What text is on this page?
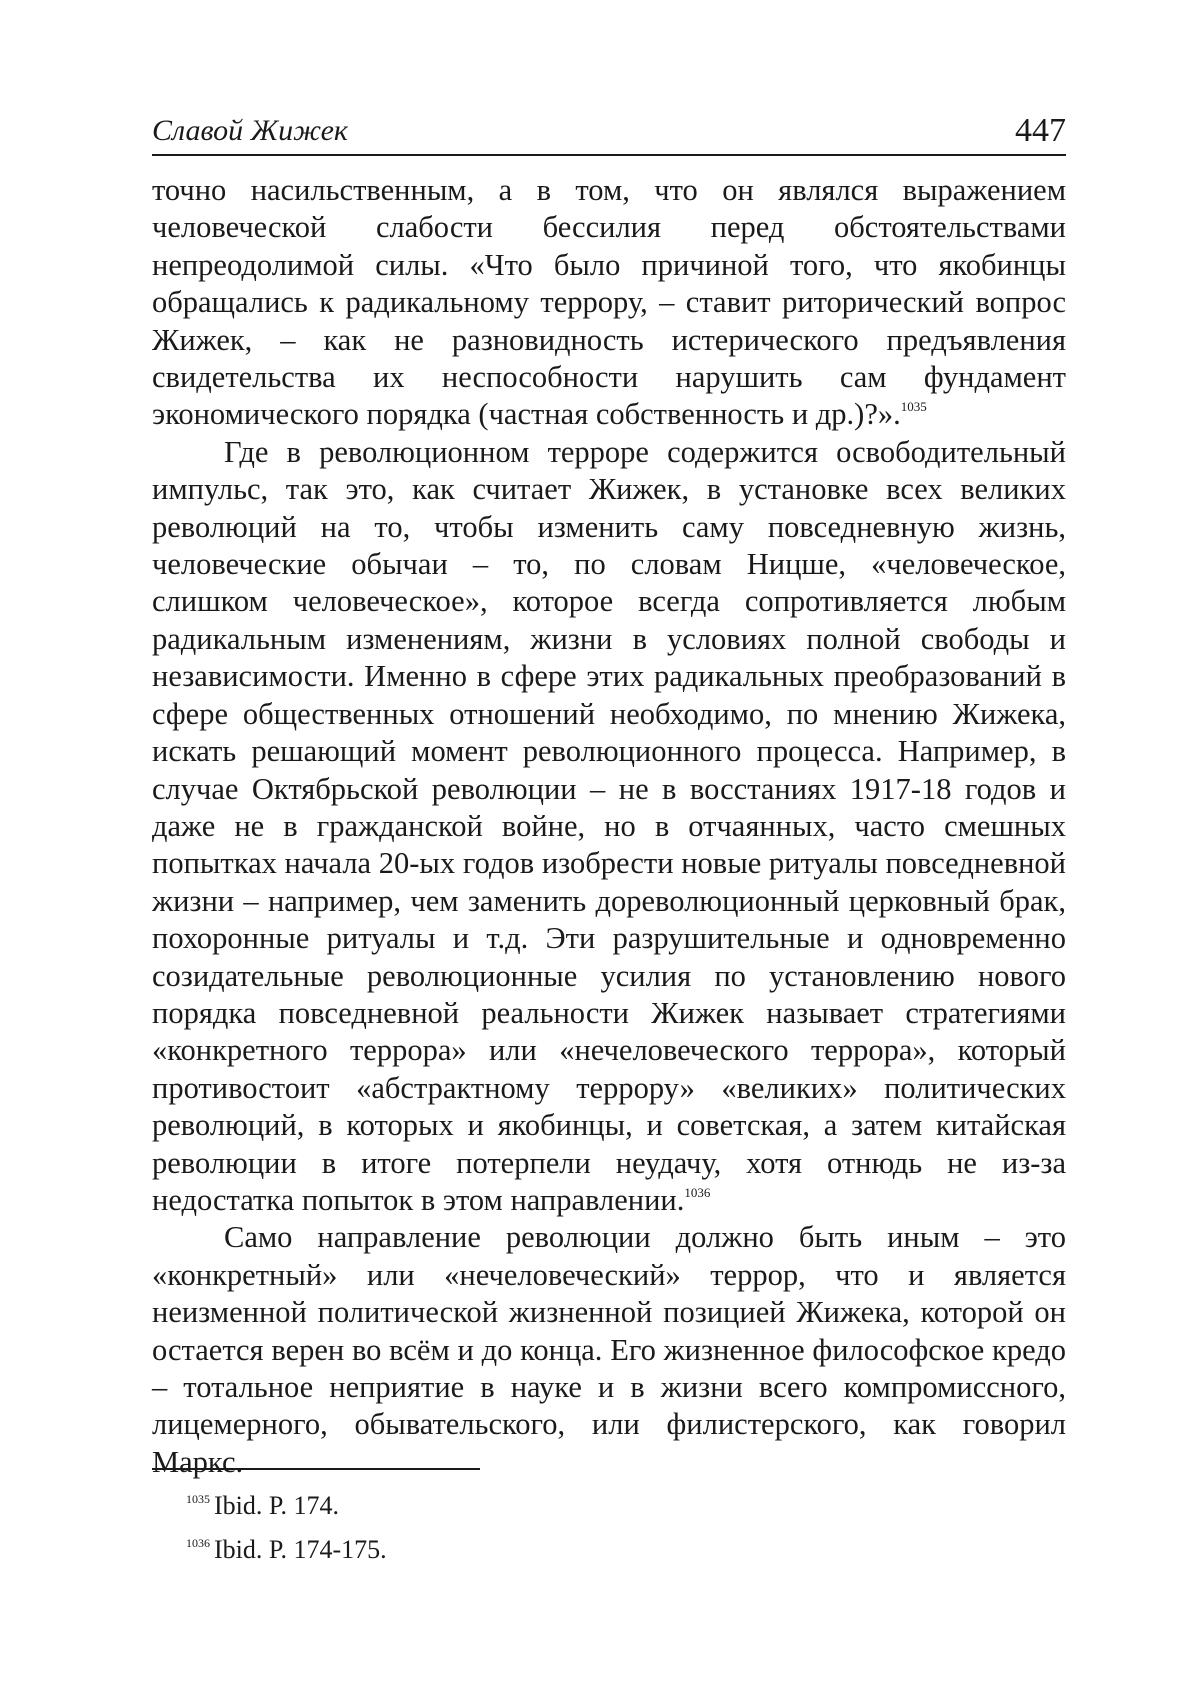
Славой Жижек	447

точно насильственным, а в том, что он являлся выражением человеческой слабости бессилия перед обстоятельствами непреодолимой силы. «Что было причиной того, что якобинцы обращались к радикальному террору, – ставит риторический вопрос Жижек, – как не разновидность истерического предъявления свидетельства их неспособности нарушить сам фундамент экономического порядка (частная собственность и др.)?».$^{1035}$

Где в революционном терроре содержится освободительный импульс, так это, как считает Жижек, в установке всех великих революций на то, чтобы изменить саму повседневную жизнь, человеческие обычаи – то, по словам Ницше, «человеческое, слишком человеческое», которое всегда сопротивляется любым радикальным изменениям, жизни в условиях полной свободы и независимости. Именно в сфере этих радикальных преобразований в сфере общественных отношений необходимо, по мнению Жижека, искать решающий момент революционного процесса. Например, в случае Октябрьской революции – не в восстаниях 1917-18 годов и даже не в гражданской войне, но в отчаянных, часто смешных попытках начала 20-ых годов изобрести новые ритуалы повседневной жизни – например, чем заменить дореволюционный церковный брак, похоронные ритуалы и т.д. Эти разрушительные и одновременно созидательные революционные усилия по установлению нового порядка повседневной реальности Жижек называет стратегиями «конкретного террора» или «нечеловеческого террора», который противостоит «абстрактному террору» «великих» политических революций, в которых и якобинцы, и советская, а затем китайская революции в итоге потерпели неудачу, хотя отнюдь не из-за недостатка попыток в этом направлении.$^{1036}$

Само направление революции должно быть иным – это «конкретный» или «нечеловеческий» террор, что и является неизменной политической жизненной позицией Жижека, которой он остается верен во всём и до конца. Его жизненное философское кредо – тотальное неприятие в науке и в жизни всего компромиссного, лицемерного, обывательского, или филистерского, как говорил Маркс.

$^{1035}$ Ibid. P. 174.
$^{1036}$ Ibid. P. 174-175.
